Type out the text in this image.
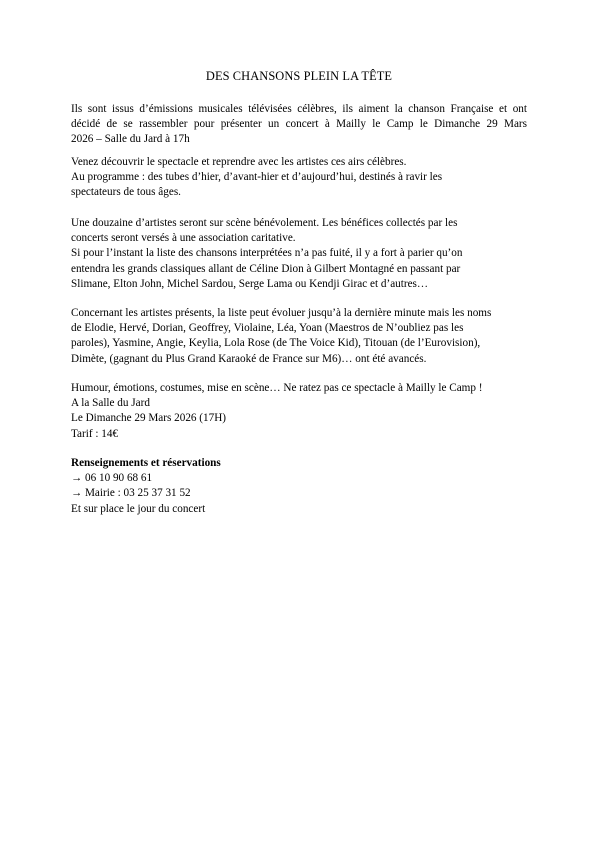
DES CHANSONS PLEIN LA TÊTE
Ils sont issus d’émissions musicales télévisées célèbres, ils aiment la chanson Française et ont
décidé de se rassembler pour présenter un concert à Mailly le Camp le Dimanche 29 Mars
2026 – Salle du Jard à 17h
Venez découvrir le spectacle et reprendre avec les artistes ces airs célèbres.
Au programme : des tubes d’hier, d’avant-hier et d’aujourd’hui, destinés à ravir les
spectateurs de tous âges.
Une douzaine d’artistes seront sur scène bénévolement. Les bénéfices collectés par les
concerts seront versés à une association caritative.
Si pour l’instant la liste des chansons interprétées n’a pas fuité, il y a fort à parier qu’on
entendra les grands classiques allant de Céline Dion à Gilbert Montagné en passant par
Slimane, Elton John, Michel Sardou, Serge Lama ou Kendji Girac et d’autres…
Concernant les artistes présents, la liste peut évoluer jusqu’à la dernière minute mais les noms
de Elodie, Hervé, Dorian, Geoffrey, Violaine, Léa, Yoan (Maestros de N’oubliez pas les
paroles), Yasmine, Angie, Keylia, Lola Rose (de The Voice Kid), Titouan (de l’Eurovision),
Dimète, (gagnant du Plus Grand Karaoké de France sur M6)… ont été avancés.
Humour, émotions, costumes, mise en scène… Ne ratez pas ce spectacle à Mailly le Camp !
A la Salle du Jard
Le Dimanche 29 Mars 2026 (17H)
Tarif : 14€
Renseignements et réservations
→ 06 10 90 68 61
→ Mairie : 03 25 37 31 52
Et sur place le jour du concert
